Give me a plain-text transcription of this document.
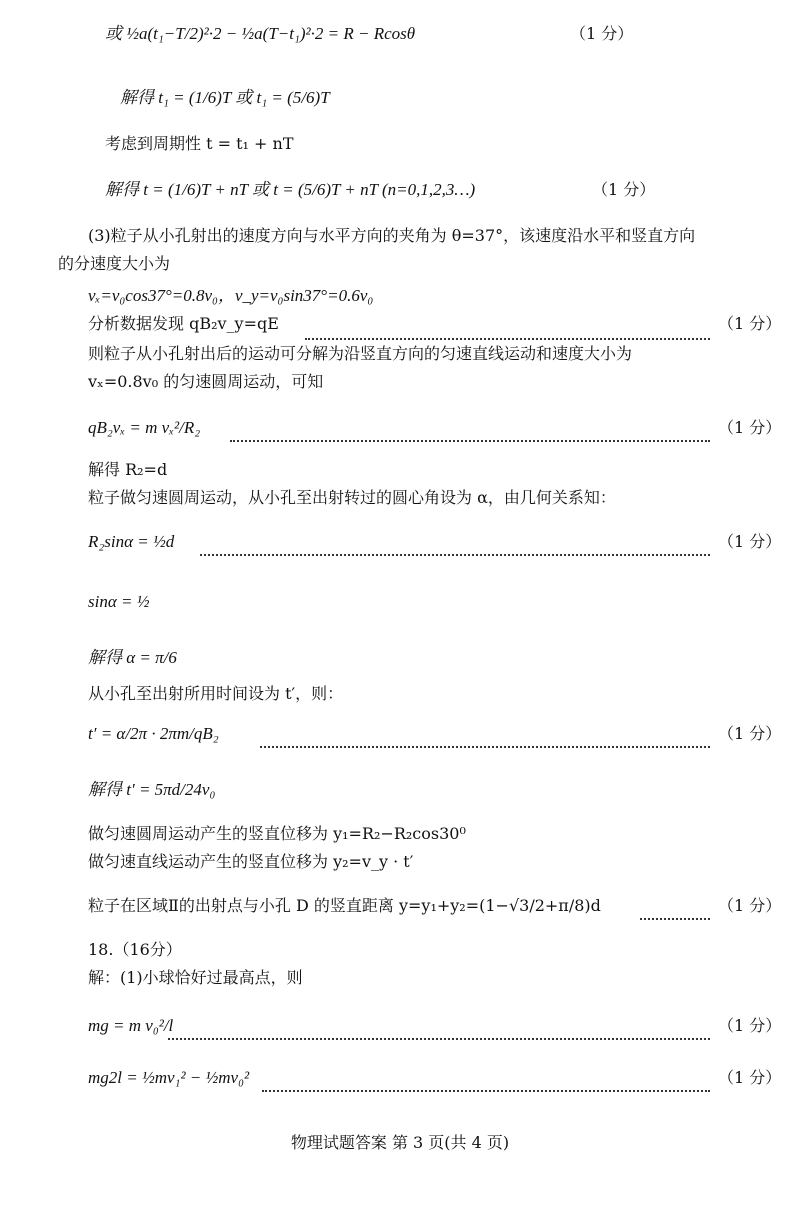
或 ½a(t₁−T/2)²·2 − ½a(T−t₁)²·2 = R − Rcosθ	（1 分）
解得 t₁ = (1/6)T 或 t₁ = (5/6)T
考虑到周期性 t = t₁ + nT
解得 t = (1/6)T + nT 或 t = (5/6)T + nT (n=0,1,2,3…)	（1 分）
(3)粒子从小孔射出的速度方向与水平方向的夹角为 θ=37°，该速度沿水平和竖直方向
的分速度大小为
vₓ=v₀cos37°=0.8v₀，v_y=v₀sin37°=0.6v₀
分析数据发现 qB₂v_y=qE	（1 分）
则粒子从小孔射出后的运动可分解为沿竖直方向的匀速直线运动和速度大小为
vₓ=0.8v₀ 的匀速圆周运动，可知
qB₂vₓ = m vₓ²/R₂	（1 分）
解得 R₂=d
粒子做匀速圆周运动，从小孔至出射转过的圆心角设为 α，由几何关系知：
R₂sinα = ½d	（1 分）
sinα = ½
解得 α = π/6
从小孔至出射所用时间设为 t′，则：
t′ = α/2π · 2πm/qB₂	（1 分）
解得 t′ = 5πd/24v₀
做匀速圆周运动产生的竖直位移为 y₁=R₂−R₂cos30⁰
做匀速直线运动产生的竖直位移为 y₂=v_y · t′
粒子在区域Ⅱ的出射点与小孔 D 的竖直距离 y=y₁+y₂=(1−√3/2+π/8)d	（1 分）
18.（16分）
解：(1)小球恰好过最高点，则
mg = m v₀²/l	（1 分）
mg2l = ½mv₁² − ½mv₀²	（1 分）
物理试题答案 第 3 页(共 4 页)
